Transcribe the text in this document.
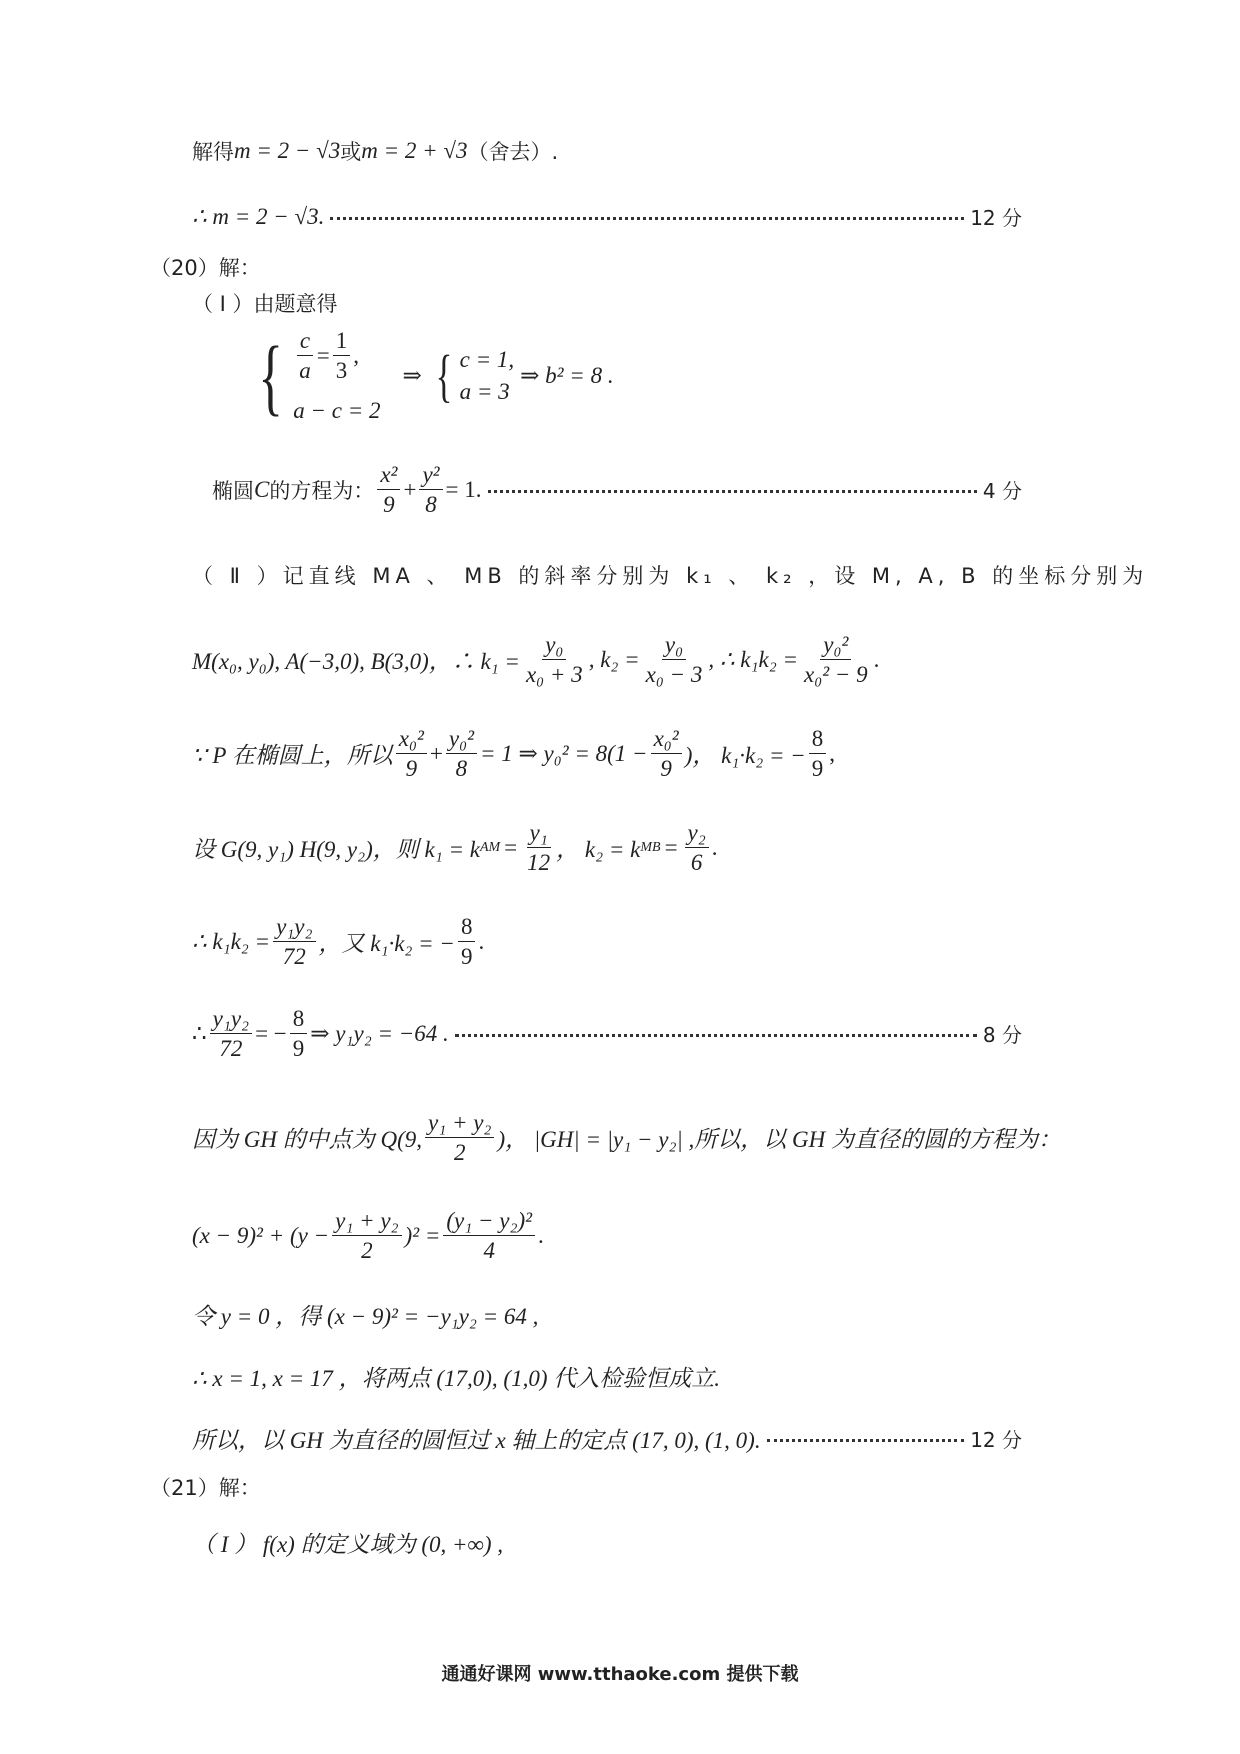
解得 m = 2 − √3 或 m = 2 + √3 （舍去）.
∴ m = 2 − √3.	12 分
（20）解：
（ I ）由题意得
{ $\frac{c}{a} = \frac{1}{3}$ ,
a − c = 2
⇒ { c = 1,
a = 3
⇒ b² = 8 .
椭圆 C 的方程为： $\frac{\text{x²}}{9} + \frac{\text{y²}}{8} = 1$.	4 分
（ Ⅱ ）记直线 MA 、 MB 的斜率分别为 k₁ 、 k₂ ，设 M, A, B 的坐标分别为
M(x₀, y₀), A(−3,0), B(3,0)，∴ $k_1 = \frac{\text{y₀}}{\text{x₀ + 3}}$ , $k_2 = \frac{\text{y₀}}{\text{x₀ − 3}}$ , ∴ $k_1k_2 = \frac{\text{y₀²}}{\text{x₀² − 9}}$ .
∵ P 在椭圆上，所以 $\frac{\text{x₀²}}{9} + \frac{\text{y₀²}}{8} = 1$ ⇒ $y_0^2 = 8(1 - \frac{\text{x₀²}}{9}$ )， k₁·k₂ = − $\frac{8}{9}$ ,
设 G(9, y₁) H(9, y₂)，则 k₁ = k AM = $\frac{\text{y₁}}{12}$ ， k₂ = k MB = $\frac{\text{y₂}}{6}$ .
∴ $k_1k_2 = \frac{\text{y₁y₂}}{72}$ ，又 k₁·k₂ = − $\frac{8}{9}$ .
∴ $\frac{\text{y₁y₂}}{72}$ = − $\frac{8}{9}$ ⇒ y₁y₂ = −64 .	8 分
因为 GH 的中点为 Q(9, $\frac{\text{y₁ + y₂}}{2}$ )， |GH| = |y₁ − y₂| ,所以，以 GH 为直径的圆的方程为：
$(x - 9)^2 + (y - \frac{\text{y₁ + y₂}}{2} )^2 = \frac{\text{(y₁ − y₂)²}}{4}$ .
令 y = 0 ，得 (x − 9)² = −y₁y₂ = 64 ,
∴ x = 1, x = 17 ，将两点 (17,0), (1,0) 代入检验恒成立.
所以，以 GH 为直径的圆恒过 x 轴上的定点 (17, 0), (1, 0).	12 分
（21）解：
（ I ） f(x) 的定义域为 (0, +∞) ,
通通好课网 www.tthaoke.com 提供下载
